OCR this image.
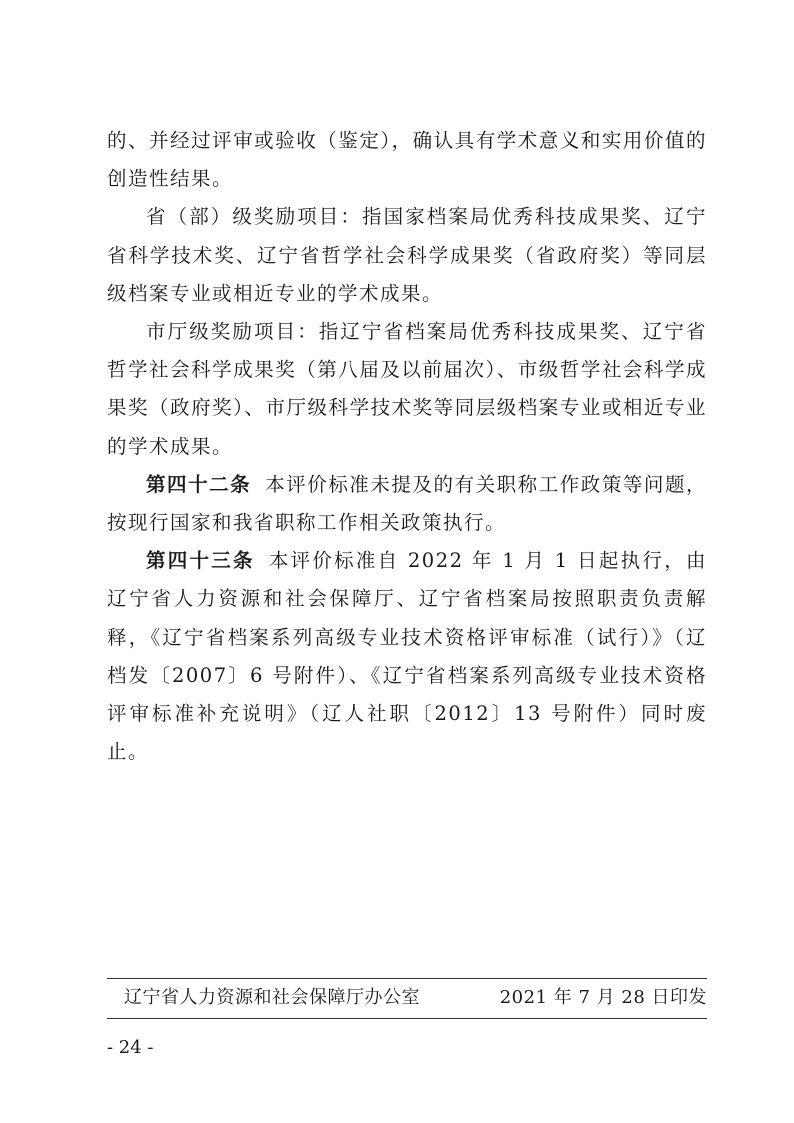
的、并经过评审或验收（鉴定），确认具有学术意义和实用价值的创造性结果。

省（部）级奖励项目：指国家档案局优秀科技成果奖、辽宁省科学技术奖、辽宁省哲学社会科学成果奖（省政府奖）等同层级档案专业或相近专业的学术成果。

市厅级奖励项目：指辽宁省档案局优秀科技成果奖、辽宁省哲学社会科学成果奖（第八届及以前届次）、市级哲学社会科学成果奖（政府奖）、市厅级科学技术奖等同层级档案专业或相近专业的学术成果。

第四十二条 本评价标准未提及的有关职称工作政策等问题，按现行国家和我省职称工作相关政策执行。

第四十三条 本评价标准自 2022 年 1 月 1 日起执行，由辽宁省人力资源和社会保障厅、辽宁省档案局按照职责负责解释，《辽宁省档案系列高级专业技术资格评审标准（试行）》（辽档发〔2007〕6 号附件）、《辽宁省档案系列高级专业技术资格评审标准补充说明》（辽人社职〔2012〕13 号附件）同时废止。

辽宁省人力资源和社会保障厅办公室	2021 年 7 月 28 日印发
- 24 -
